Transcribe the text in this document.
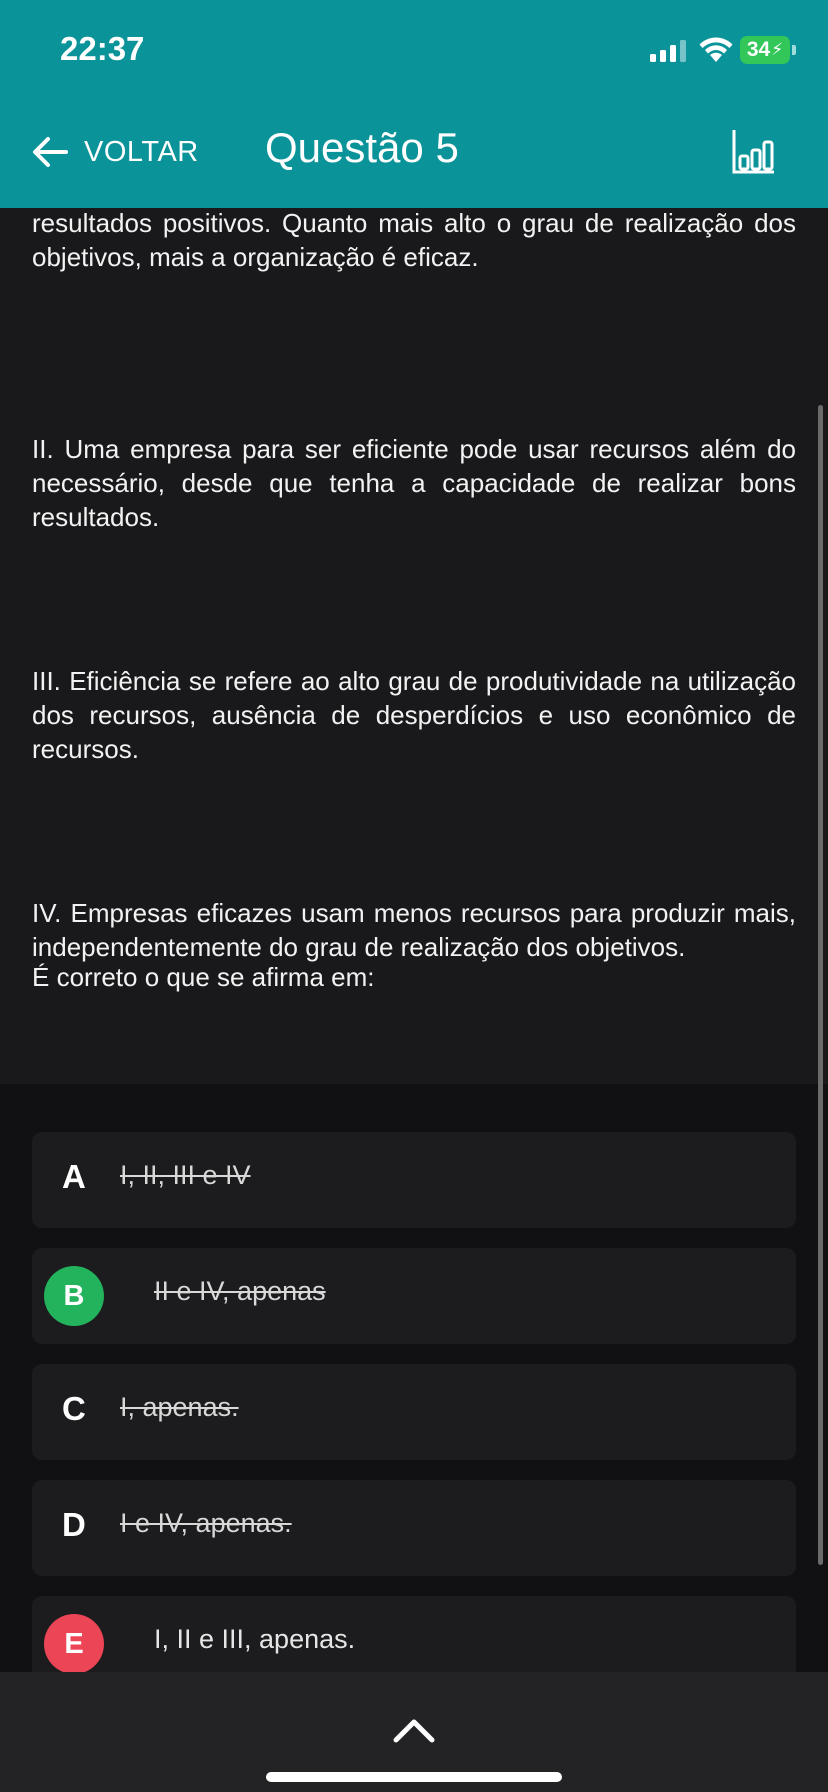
22:37	34 ⚡
VOLTAR Questão 5
resultados positivos. Quanto mais alto o grau de realização dos objetivos, mais a organização é eficaz.
II. Uma empresa para ser eficiente pode usar recursos além do necessário, desde que tenha a capacidade de realizar bons resultados.
III. Eficiência se refere ao alto grau de produtividade na utilização dos recursos, ausência de desperdícios e uso econômico de recursos.
IV. Empresas eficazes usam menos recursos para produzir mais, independentemente do grau de realização dos objetivos.
É correto o que se afirma em:
A I, II, III e IV
B	II e IV, apenas
C I, apenas.
D I e IV, apenas.
E	I, II e III, apenas.
